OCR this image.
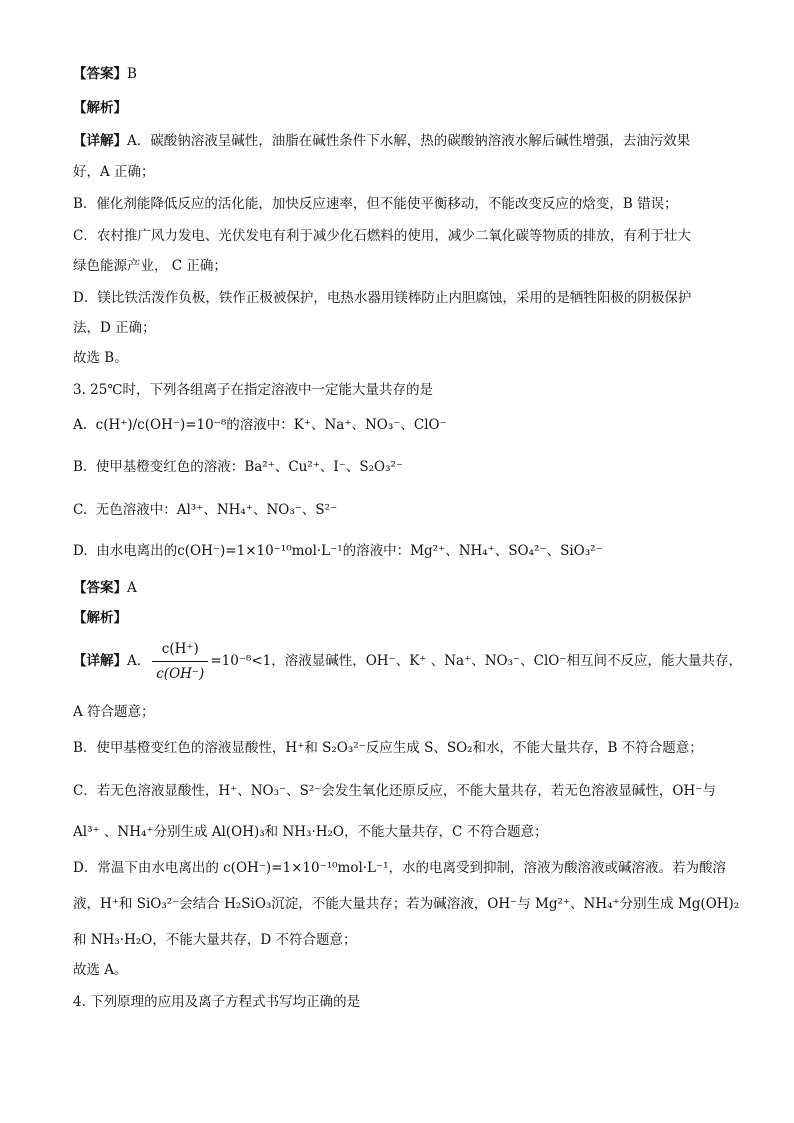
【答案】B
【解析】
【详解】A．碳酸钠溶液呈碱性，油脂在碱性条件下水解，热的碳酸钠溶液水解后碱性增强，去油污效果
好，A 正确；
B．催化剂能降低反应的活化能，加快反应速率，但不能使平衡移动，不能改变反应的焓变，B 错误；
C．农村推广风力发电、光伏发电有利于减少化石燃料的使用，减少二氧化碳等物质的排放，有利于壮大
绿色能源产业， C 正确；
D．镁比铁活泼作负极，铁作正极被保护，电热水器用镁棒防止内胆腐蚀，采用的是牺牲阳极的阴极保护
法，D 正确；
故选 B。
3. 25℃时，下列各组离子在指定溶液中一定能大量共存的是
A. c(H⁺)/c(OH⁻)=10⁻⁸的溶液中：K⁺、Na⁺、NO₃⁻、ClO⁻
B. 使甲基橙变红色的溶液：Ba²⁺、Cu²⁺、I⁻、S₂O₃²⁻
C. 无色溶液中：Al³⁺、NH₄⁺、NO₃⁻、S²⁻
D. 由水电离出的c(OH⁻)=1×10⁻¹⁰mol·L⁻¹的溶液中：Mg²⁺、NH₄⁺、SO₄²⁻、SiO₃²⁻
【答案】A
【解析】
【详解】A． $\frac{c(H^+)}{c(OH^-)} =10^{-8}<1$，溶液显碱性，OH⁻、K⁺ 、Na⁺、NO₃⁻、ClO⁻相互间不反应，能大量共存，
A 符合题意；
B．使甲基橙变红色的溶液显酸性，H⁺和 S₂O₃²⁻反应生成 S、SO₂和水，不能大量共存，B 不符合题意；
C．若无色溶液显酸性，H⁺、NO₃⁻、S²⁻会发生氧化还原反应，不能大量共存，若无色溶液显碱性，OH⁻与
Al³⁺ 、NH₄⁺分别生成 Al(OH)₃和 NH₃·H₂O，不能大量共存，C 不符合题意；
D．常温下由水电离出的 c(OH⁻)=1×10⁻¹⁰mol·L⁻¹，水的电离受到抑制，溶液为酸溶液或碱溶液。若为酸溶
液，H⁺和 SiO₃²⁻会结合 H₂SiO₃沉淀，不能大量共存；若为碱溶液，OH⁻与 Mg²⁺、NH₄⁺分别生成 Mg(OH)₂
和 NH₃·H₂O，不能大量共存，D 不符合题意；
故选 A。
4. 下列原理的应用及离子方程式书写均正确的是
